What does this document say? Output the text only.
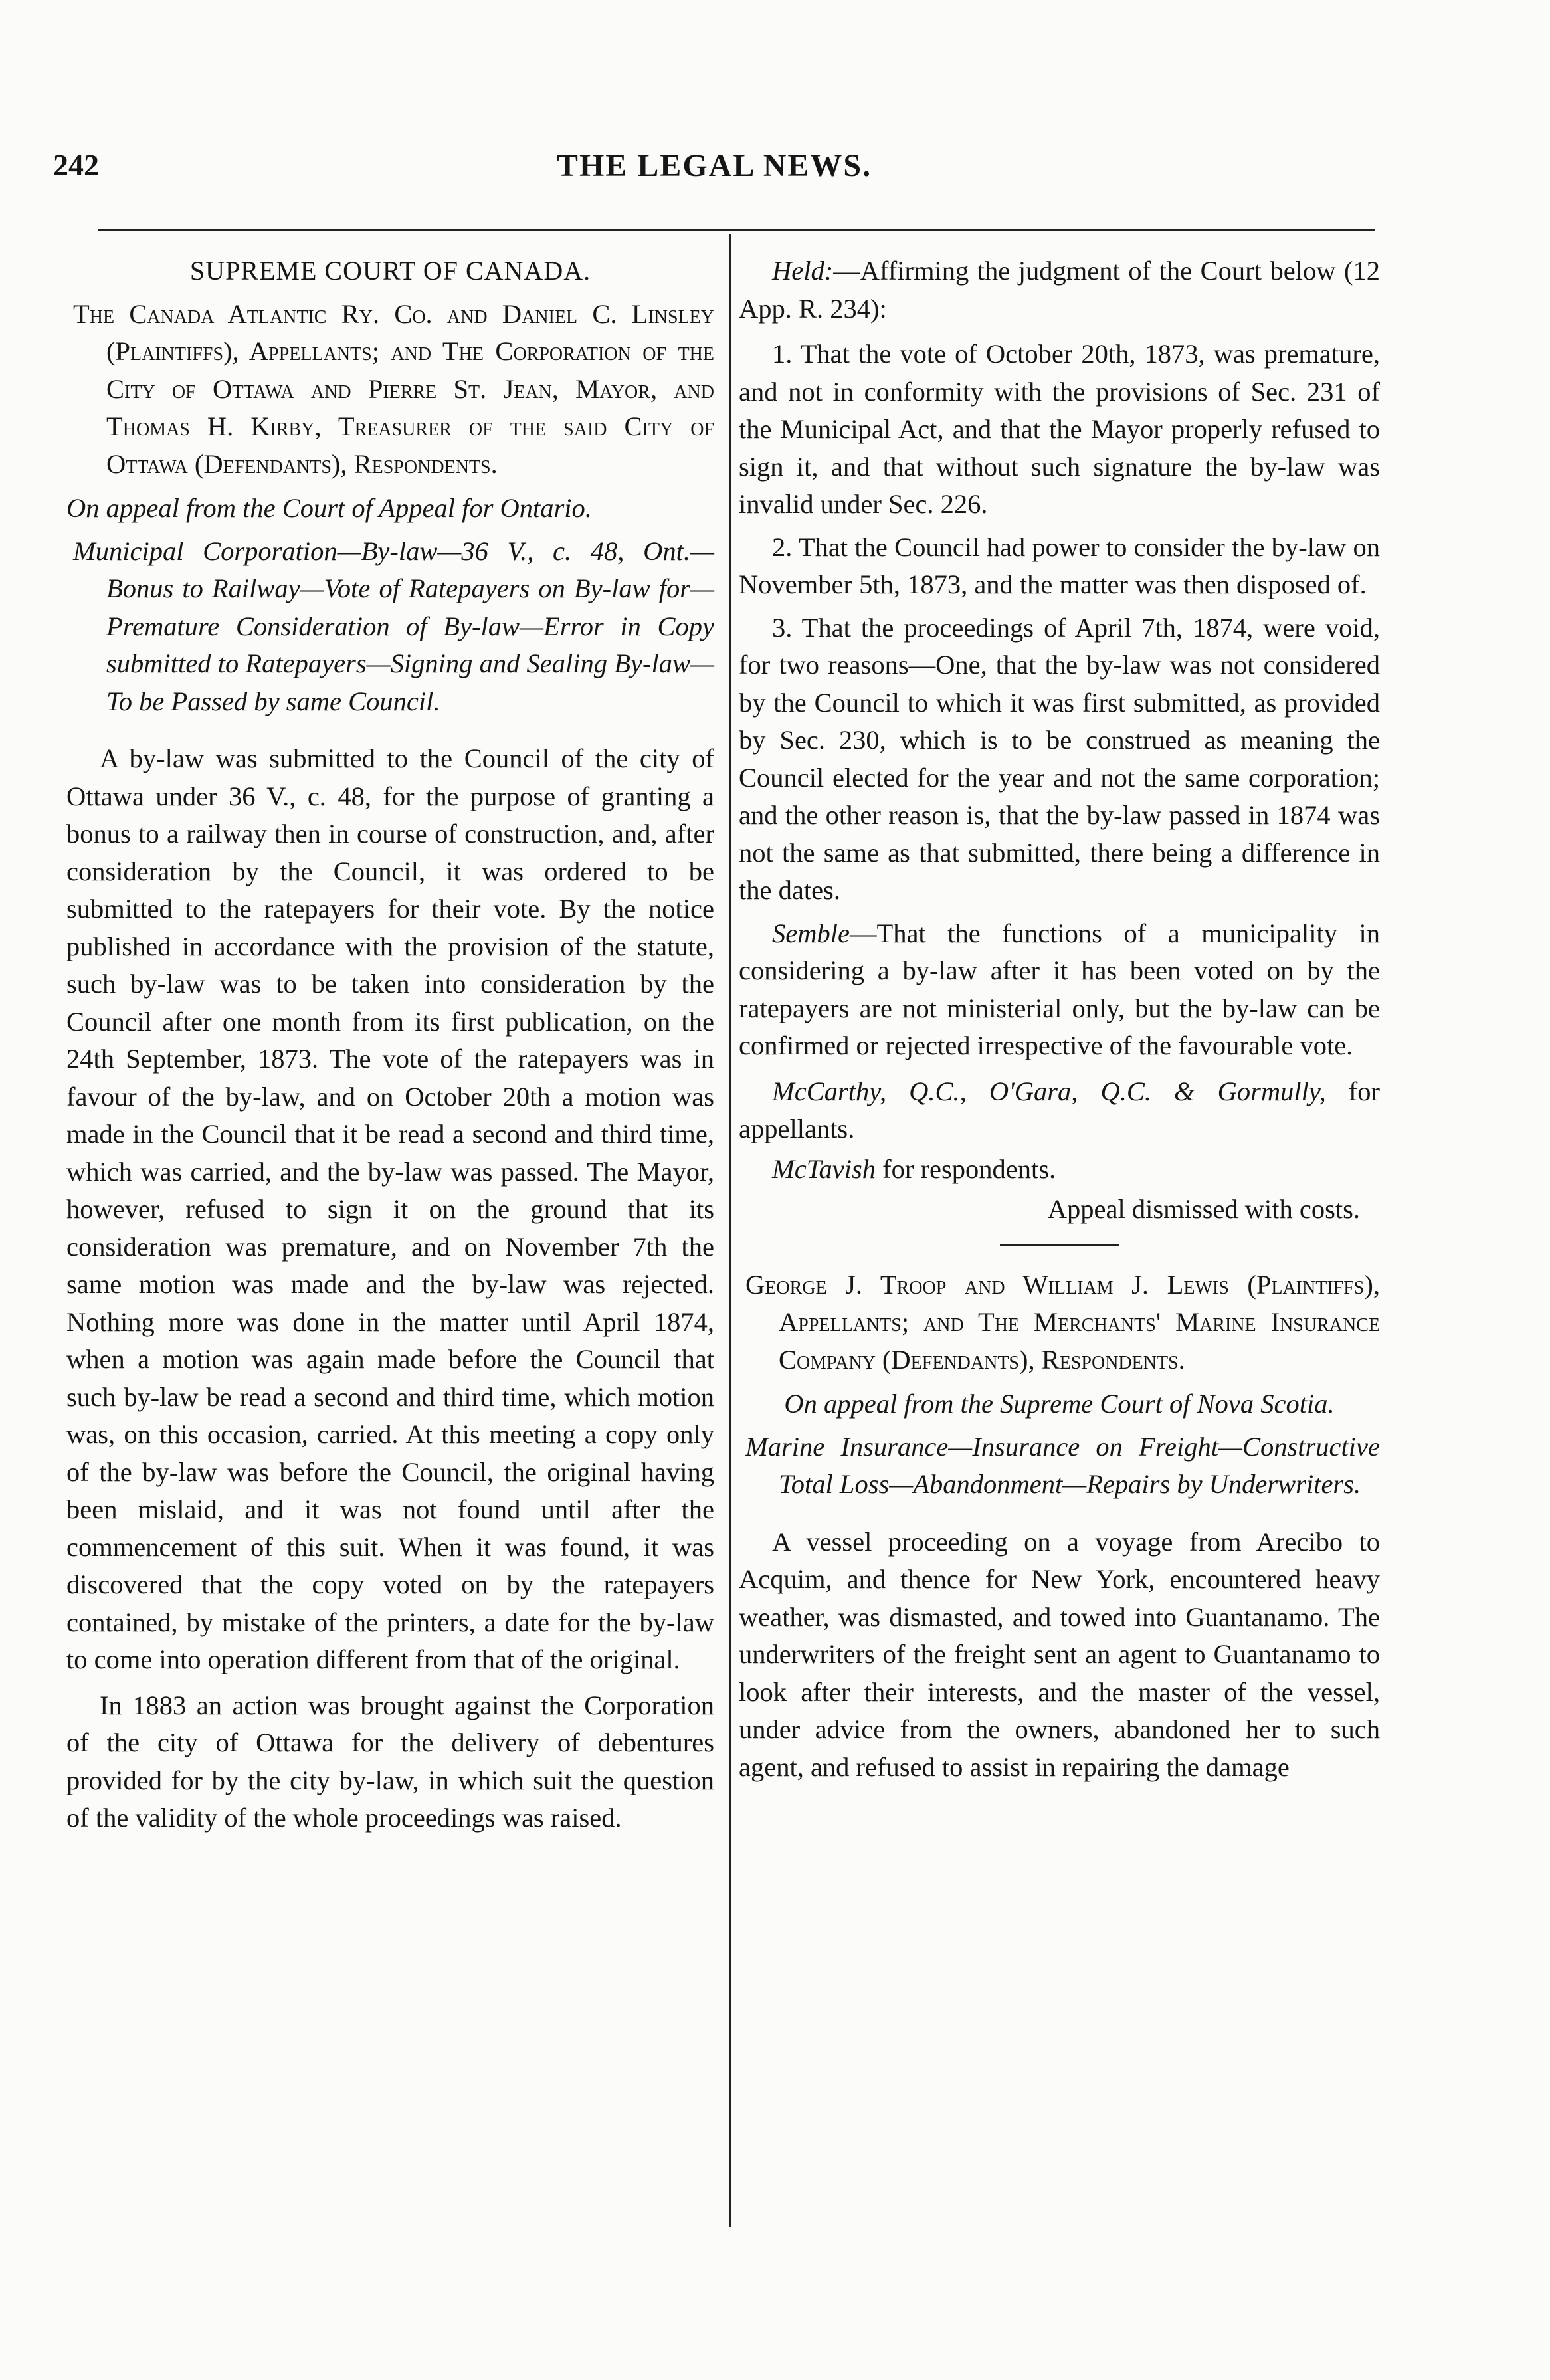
242	THE LEGAL NEWS.
SUPREME COURT OF CANADA.
The Canada Atlantic Ry. Co. and Daniel C. Linsley (Plaintiffs), Appellants; and The Corporation of the City of Ottawa and Pierre St. Jean, Mayor, and Thomas H. Kirby, Treasurer of the said City of Ottawa (Defendants), Respondents.
On appeal from the Court of Appeal for Ontario.
Municipal Corporation—By-law—36 V., c. 48, Ont.—Bonus to Railway—Vote of Ratepayers on By-law for—Premature Consideration of By-law—Error in Copy submitted to Ratepayers—Signing and Sealing By-law—To be Passed by same Council.

A by-law was submitted to the Council of the city of Ottawa under 36 V., c. 48, for the purpose of granting a bonus to a railway then in course of construction, and, after consideration by the Council, it was ordered to be submitted to the ratepayers for their vote. By the notice published in accordance with the provision of the statute, such by-law was to be taken into consideration by the Council after one month from its first publication, on the 24th September, 1873. The vote of the ratepayers was in favour of the by-law, and on October 20th a motion was made in the Council that it be read a second and third time, which was carried, and the by-law was passed. The Mayor, however, refused to sign it on the ground that its consideration was premature, and on November 7th the same motion was made and the by-law was rejected. Nothing more was done in the matter until April 1874, when a motion was again made before the Council that such by-law be read a second and third time, which motion was, on this occasion, carried. At this meeting a copy only of the by-law was before the Council, the original having been mislaid, and it was not found until after the commencement of this suit. When it was found, it was discovered that the copy voted on by the ratepayers contained, by mistake of the printers, a date for the by-law to come into operation different from that of the original.

In 1883 an action was brought against the Corporation of the city of Ottawa for the delivery of debentures provided for by the city by-law, in which suit the question of the validity of the whole proceedings was raised.

Held:—Affirming the judgment of the Court below (12 App. R. 234):

1. That the vote of October 20th, 1873, was premature, and not in conformity with the provisions of Sec. 231 of the Municipal Act, and that the Mayor properly refused to sign it, and that without such signature the by-law was invalid under Sec. 226.
2. That the Council had power to consider the by-law on November 5th, 1873, and the matter was then disposed of.
3. That the proceedings of April 7th, 1874, were void, for two reasons—One, that the by-law was not considered by the Council to which it was first submitted, as provided by Sec. 230, which is to be construed as meaning the Council elected for the year and not the same corporation; and the other reason is, that the by-law passed in 1874 was not the same as that submitted, there being a difference in the dates.

Semble—That the functions of a municipality in considering a by-law after it has been voted on by the ratepayers are not ministerial only, but the by-law can be confirmed or rejected irrespective of the favourable vote.

McCarthy, Q.C., O'Gara, Q.C. & Gormully, for appellants.
McTavish for respondents.
Appeal dismissed with costs.
George J. Troop and William J. Lewis (Plaintiffs), Appellants; and The Merchants' Marine Insurance Company (Defendants), Respondents.
On appeal from the Supreme Court of Nova Scotia.
Marine Insurance—Insurance on Freight—Constructive Total Loss—Abandonment—Repairs by Underwriters.

A vessel proceeding on a voyage from Arecibo to Acquim, and thence for New York, encountered heavy weather, was dismasted, and towed into Guantanamo. The underwriters of the freight sent an agent to Guantanamo to look after their interests, and the master of the vessel, under advice from the owners, abandoned her to such agent, and refused to assist in repairing the damage
